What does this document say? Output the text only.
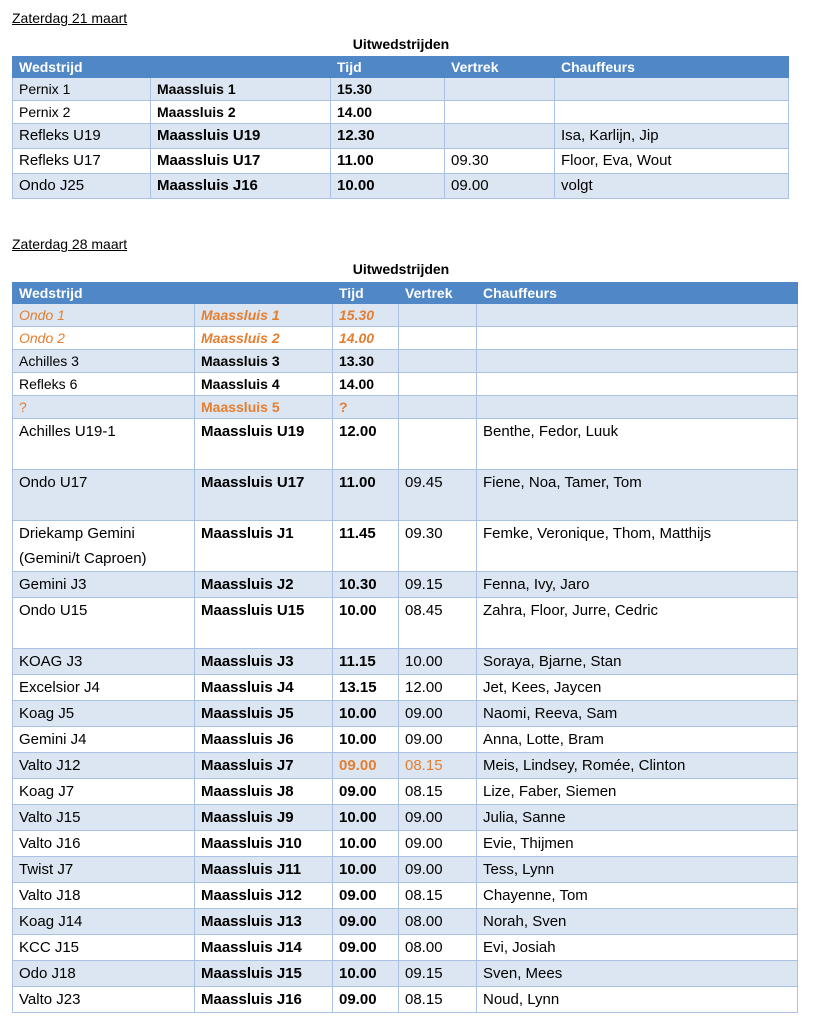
Zaterdag 21 maart
Uitwedstrijden
Wedstrijd		Tijd	Vertrek	Chauffeurs
Pernix 1	Maassluis 1	15.30		
Pernix 2	Maassluis 2	14.00		
Refleks U19	Maassluis U19	12.30		Isa, Karlijn, Jip
Refleks U17	Maassluis U17	11.00	09.30	Floor, Eva, Wout
Ondo J25	Maassluis J16	10.00	09.00	volgt
Zaterdag 28 maart
Uitwedstrijden
Wedstrijd		Tijd	Vertrek	Chauffeurs
Ondo 1	Maassluis 1	15.30		
Ondo 2	Maassluis 2	14.00		
Achilles 3	Maassluis 3	13.30		
Refleks 6	Maassluis 4	14.00		
?	Maassluis 5	?		
Achilles U19-1	Maassluis U19	12.00		Benthe, Fedor, Luuk
Ondo U17	Maassluis U17	11.00	09.45	Fiene, Noa, Tamer, Tom
Driekamp Gemini (Gemini/t Caproen)	Maassluis J1	11.45	09.30	Femke, Veronique, Thom, Matthijs
Gemini J3	Maassluis J2	10.30	09.15	Fenna, Ivy, Jaro
Ondo U15	Maassluis U15	10.00	08.45	Zahra, Floor, Jurre, Cedric
KOAG J3	Maassluis J3	11.15	10.00	Soraya, Bjarne, Stan
Excelsior J4	Maassluis J4	13.15	12.00	Jet, Kees, Jaycen
Koag J5	Maassluis J5	10.00	09.00	Naomi, Reeva, Sam
Gemini J4	Maassluis J6	10.00	09.00	Anna, Lotte, Bram
Valto J12	Maassluis J7	09.00	08.15	Meis, Lindsey, Romée, Clinton
Koag J7	Maassluis J8	09.00	08.15	Lize, Faber, Siemen
Valto J15	Maassluis J9	10.00	09.00	Julia, Sanne
Valto J16	Maassluis J10	10.00	09.00	Evie, Thijmen
Twist J7	Maassluis J11	10.00	09.00	Tess, Lynn
Valto J18	Maassluis J12	09.00	08.15	Chayenne, Tom
Koag J14	Maassluis J13	09.00	08.00	Norah, Sven
KCC J15	Maassluis J14	09.00	08.00	Evi, Josiah
Odo J18	Maassluis J15	10.00	09.15	Sven, Mees
Valto J23	Maassluis J16	09.00	08.15	Noud, Lynn
